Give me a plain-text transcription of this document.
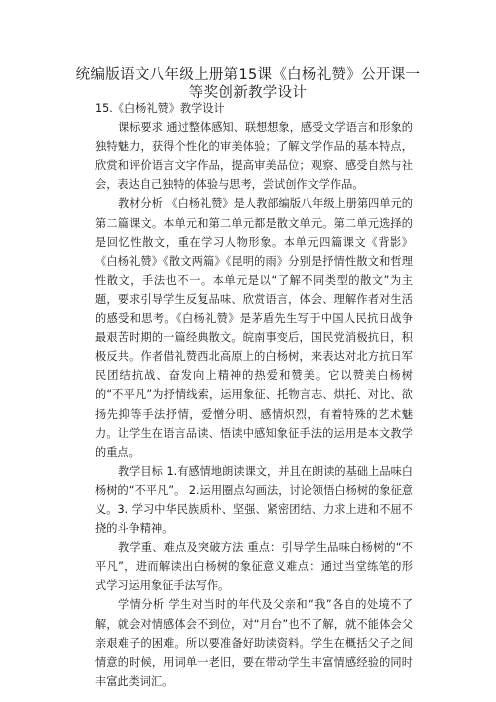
统编版语文八年级上册第15课《白杨礼赞》公开课一
等奖创新教学设计

15.《白杨礼赞》教学设计

课标要求 通过整体感知、联想想象，感受文学语言和形象的独特魅力，获得个性化的审美体验；了解文学作品的基本特点，欣赏和评价语言文字作品，提高审美品位；观察、感受自然与社会，表达自己独特的体验与思考，尝试创作文学作品。

教材分析 《白杨礼赞》是人教部编版八年级上册第四单元的第二篇课文。本单元和第二单元都是散文单元。第二单元选择的是回忆性散文，重在学习人物形象。本单元四篇课文《背影》《白杨礼赞》《散文两篇》《昆明的雨》分别是抒情性散文和哲理性散文，手法也不一。本单元是以“了解不同类型的散文”为主题，要求引导学生反复品味、欣赏语言，体会、理解作者对生活的感受和思考。《白杨礼赞》是茅盾先生写于中国人民抗日战争最艰苦时期的一篇经典散文。皖南事变后，国民党消极抗日，积极反共。作者借礼赞西北高原上的白杨树，来表达对北方抗日军民团结抗战、奋发向上精神的热爱和赞美。它以赞美白杨树的“不平凡”为抒情线索，运用象征、托物言志、烘托、对比、欲扬先抑等手法抒情，爱憎分明、感情炽烈，有着特殊的艺术魅力。让学生在语言品读、悟读中感知象征手法的运用是本文教学的重点。

教学目标 1.有感情地朗读课文，并且在朗读的基础上品味白杨树的“不平凡”。 2.运用圈点勾画法，讨论领悟白杨树的象征意义。3. 学习中华民族质朴、坚强、紧密团结、力求上进和不屈不挠的斗争精神。

教学重、难点及突破方法 重点：引导学生品味白杨树的“不平凡”，进而解读出白杨树的象征意义难点：通过当堂练笔的形式学习运用象征手法写作。

学情分析 学生对当时的年代及父亲和“我”各自的处境不了解，就会对情感体会不到位，对“月台”也不了解，就不能体会父亲艰难子的困难。所以要准备好助读资料。学生在概括父子之间情意的时候，用词单一老旧，要在带动学生丰富情感经验的同时丰富此类词汇。
